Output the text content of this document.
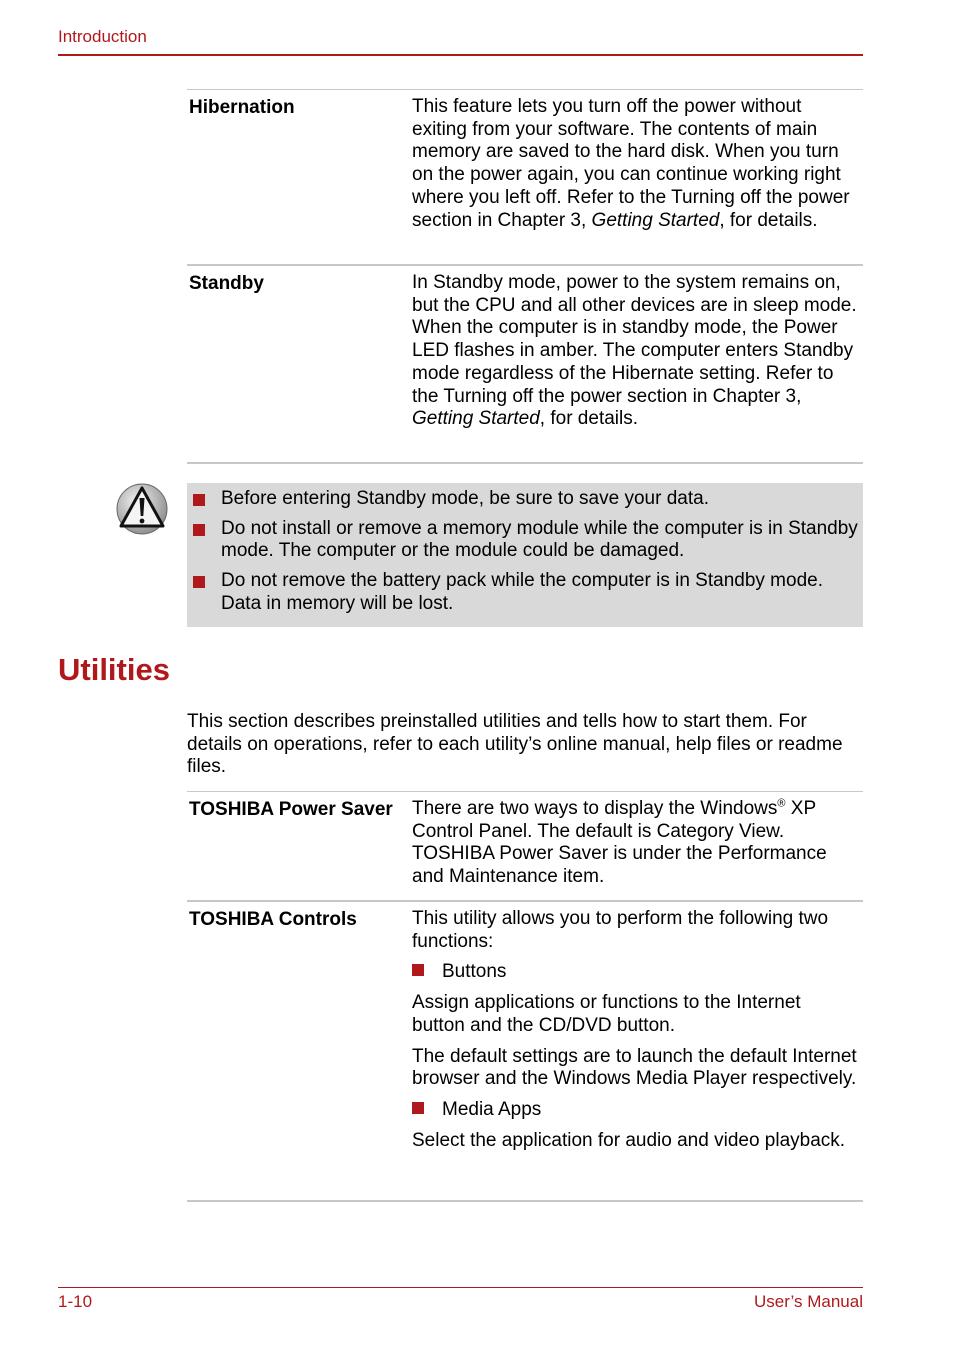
Introduction
Hibernation	This feature lets you turn off the power without exiting from your software. The contents of main memory are saved to the hard disk. When you turn on the power again, you can continue working right where you left off. Refer to the Turning off the power section in Chapter 3, Getting Started, for details.
Standby	In Standby mode, power to the system remains on, but the CPU and all other devices are in sleep mode. When the computer is in standby mode, the Power LED flashes in amber. The computer enters Standby mode regardless of the Hibernate setting. Refer to the Turning off the power section in Chapter 3, Getting Started, for details.
Before entering Standby mode, be sure to save your data.
Do not install or remove a memory module while the computer is in Standby mode. The computer or the module could be damaged.
Do not remove the battery pack while the computer is in Standby mode. Data in memory will be lost.
Utilities

This section describes preinstalled utilities and tells how to start them. For details on operations, refer to each utility’s online manual, help files or readme files.

TOSHIBA Power Saver	There are two ways to display the Windows® XP Control Panel. The default is Category View. TOSHIBA Power Saver is under the Performance and Maintenance item.
TOSHIBA Controls	This utility allows you to perform the following two functions:

Buttons

Assign applications or functions to the Internet button and the CD/DVD button.

The default settings are to launch the default Internet browser and the Windows Media Player respectively.

Media Apps

Select the application for audio and video playback.

1-10	User’s Manual
